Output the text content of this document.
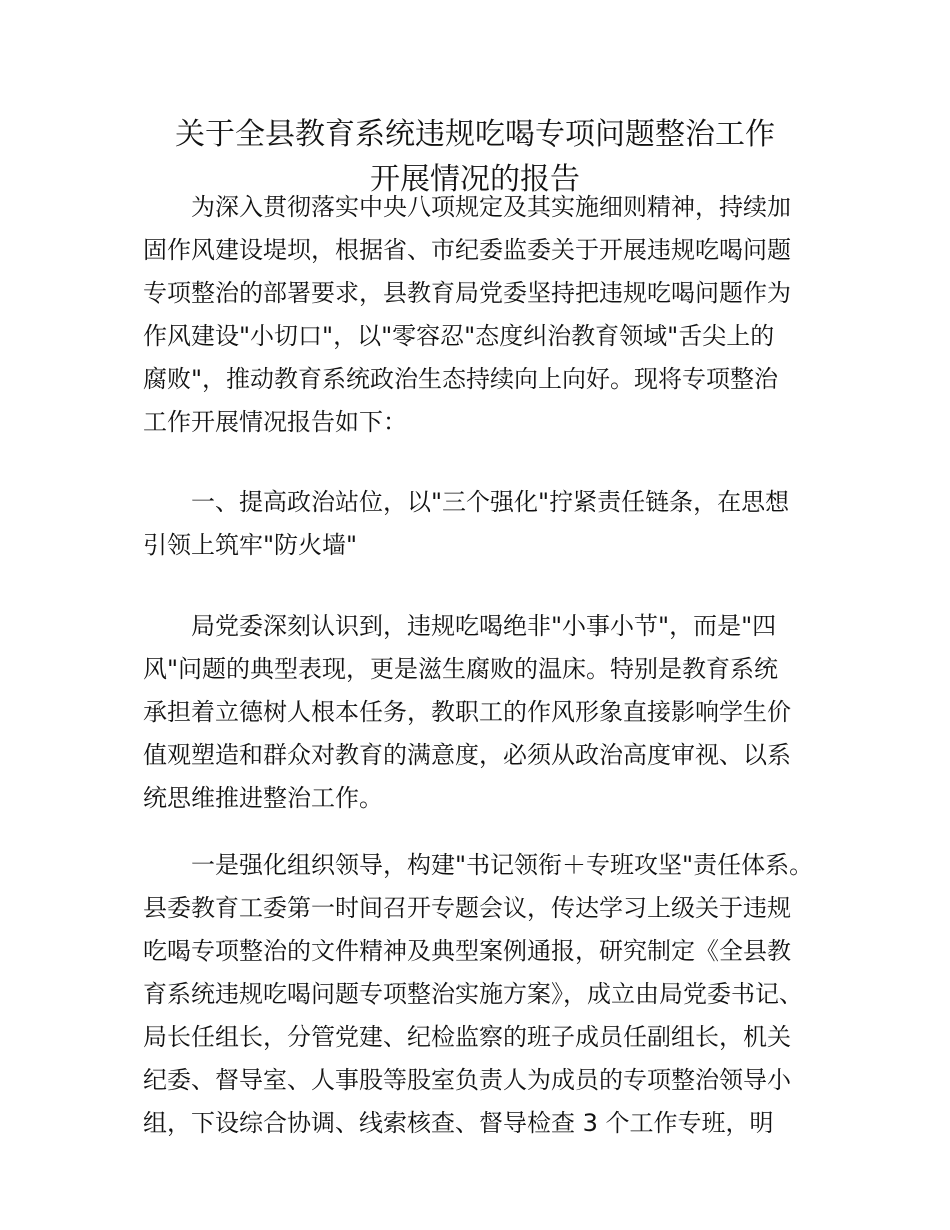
关于全县教育系统违规吃喝专项问题整治工作
开展情况的报告
为深入贯彻落实中央八项规定及其实施细则精神，持续加
固作风建设堤坝，根据省、市纪委监委关于开展违规吃喝问题
专项整治的部署要求，县教育局党委坚持把违规吃喝问题作为
作风建设"小切口"，以"零容忍"态度纠治教育领域"舌尖上的
腐败"，推动教育系统政治生态持续向上向好。现将专项整治
工作开展情况报告如下：
一、提高政治站位，以"三个强化"拧紧责任链条，在思想
引领上筑牢"防火墙"
局党委深刻认识到，违规吃喝绝非"小事小节"，而是"四
风"问题的典型表现，更是滋生腐败的温床。特别是教育系统
承担着立德树人根本任务，教职工的作风形象直接影响学生价
值观塑造和群众对教育的满意度，必须从政治高度审视、以系
统思维推进整治工作。
一是强化组织领导，构建"书记领衔＋专班攻坚"责任体系。
县委教育工委第一时间召开专题会议，传达学习上级关于违规
吃喝专项整治的文件精神及典型案例通报，研究制定《全县教
育系统违规吃喝问题专项整治实施方案》，成立由局党委书记、
局长任组长，分管党建、纪检监察的班子成员任副组长，机关
纪委、督导室、人事股等股室负责人为成员的专项整治领导小
组，下设综合协调、线索核查、督导检查 3 个工作专班，明
